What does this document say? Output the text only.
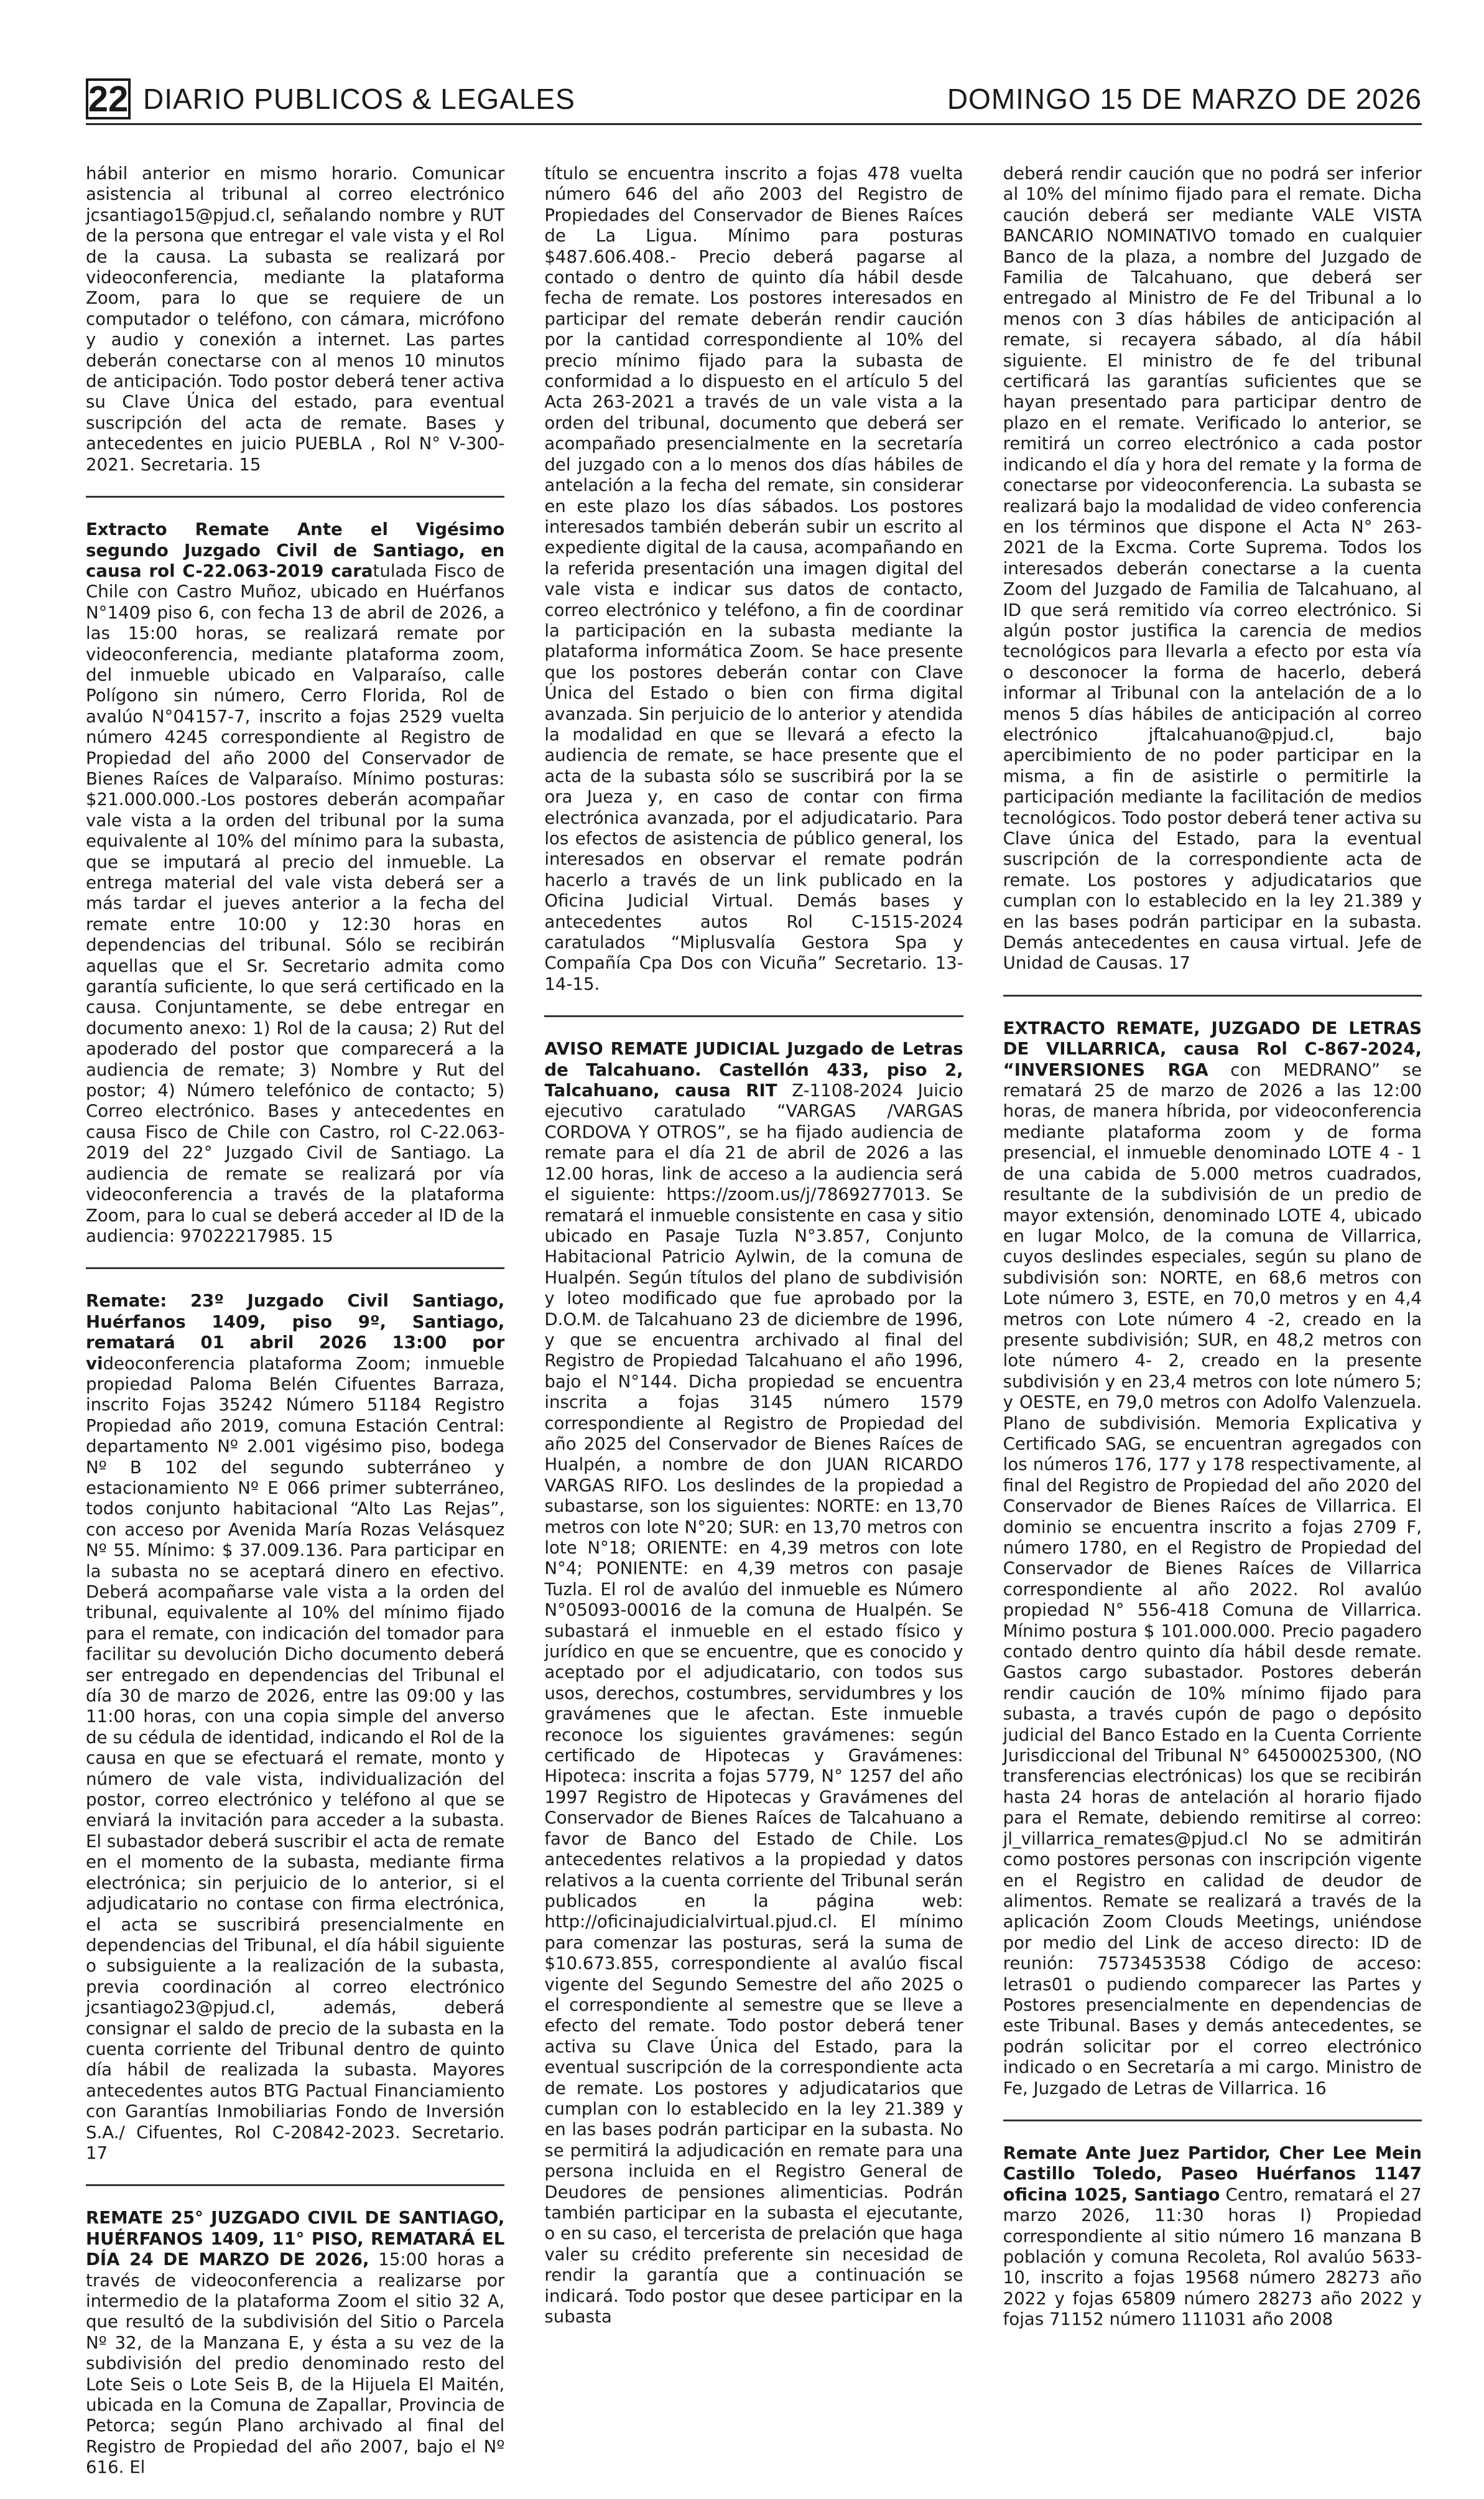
22 DIARIO PUBLICOS & LEGALES	DOMINGO 15 DE MARZO DE 2026

hábil anterior en mismo horario. Comunicar asistencia al tribunal al correo electrónico jcsantiago15@pjud.cl, señalando nombre y RUT de la persona que entregar el vale vista y el Rol de la causa. La subasta se realizará por videoconferencia, mediante la plataforma Zoom, para lo que se requiere de un computador o teléfono, con cámara, micrófono y audio y conexión a internet. Las partes deberán conectarse con al menos 10 minutos de anticipación. Todo postor deberá tener activa su Clave Única del estado, para eventual suscripción del acta de remate. Bases y antecedentes en juicio PUEBLA , Rol N° V-300-2021. Secretaria. 15

Extracto Remate Ante el Vigésimo segundo Juzgado Civil de Santiago, en causa rol C-22.063-2019 caratulada Fisco de Chile con Castro Muñoz, ubicado en Huérfanos N°1409 piso 6, con fecha 13 de abril de 2026, a las 15:00 horas, se realizará remate por videoconferencia, mediante plataforma zoom, del inmueble ubicado en Valparaíso, calle Polígono sin número, Cerro Florida, Rol de avalúo N°04157-7, inscrito a fojas 2529 vuelta número 4245 correspondiente al Registro de Propiedad del año 2000 del Conservador de Bienes Raíces de Valparaíso. Mínimo posturas: $21.000.000.-Los postores deberán acompañar vale vista a la orden del tribunal por la suma equivalente al 10% del mínimo para la subasta, que se imputará al precio del inmueble. La entrega material del vale vista deberá ser a más tardar el jueves anterior a la fecha del remate entre 10:00 y 12:30 horas en dependencias del tribunal. Sólo se recibirán aquellas que el Sr. Secretario admita como garantía suficiente, lo que será certificado en la causa. Conjuntamente, se debe entregar en documento anexo: 1) Rol de la causa; 2) Rut del apoderado del postor que comparecerá a la audiencia de remate; 3) Nombre y Rut del postor; 4) Número telefónico de contacto; 5) Correo electrónico. Bases y antecedentes en causa Fisco de Chile con Castro, rol C-22.063-2019 del 22° Juzgado Civil de Santiago. La audiencia de remate se realizará por vía videoconferencia a través de la plataforma Zoom, para lo cual se deberá acceder al ID de la audiencia: 97022217985. 15

Remate: 23º Juzgado Civil Santiago, Huérfanos 1409, piso 9º, Santiago, rematará 01 abril 2026 13:00 por videoconferencia plataforma Zoom; inmueble propiedad Paloma Belén Cifuentes Barraza, inscrito Fojas 35242 Número 51184 Registro Propiedad año 2019, comuna Estación Central: departamento Nº 2.001 vigésimo piso, bodega Nº B 102 del segundo subterráneo y estacionamiento Nº E 066 primer subterráneo, todos conjunto habitacional “Alto Las Rejas”, con acceso por Avenida María Rozas Velásquez Nº 55. Mínimo: $ 37.009.136. Para participar en la subasta no se aceptará dinero en efectivo. Deberá acompañarse vale vista a la orden del tribunal, equivalente al 10% del mínimo fijado para el remate, con indicación del tomador para facilitar su devolución Dicho documento deberá ser entregado en dependencias del Tribunal el día 30 de marzo de 2026, entre las 09:00 y las 11:00 horas, con una copia simple del anverso de su cédula de identidad, indicando el Rol de la causa en que se efectuará el remate, monto y número de vale vista, individualización del postor, correo electrónico y teléfono al que se enviará la invitación para acceder a la subasta. El subastador deberá suscribir el acta de remate en el momento de la subasta, mediante firma electrónica; sin perjuicio de lo anterior, si el adjudicatario no contase con firma electrónica, el acta se suscribirá presencialmente en dependencias del Tribunal, el día hábil siguiente o subsiguiente a la realización de la subasta, previa coordinación al correo electrónico jcsantiago23@pjud.cl, además, deberá consignar el saldo de precio de la subasta en la cuenta corriente del Tribunal dentro de quinto día hábil de realizada la subasta. Mayores antecedentes autos BTG Pactual Financiamiento con Garantías Inmobiliarias Fondo de Inversión S.A./ Cifuentes, Rol C-20842-2023. Secretario. 17

REMATE 25° JUZGADO CIVIL DE SANTIAGO, HUÉRFANOS 1409, 11° PISO, REMATARÁ EL DÍA 24 DE MARZO DE 2026, 15:00 horas a través de videoconferencia a realizarse por intermedio de la plataforma Zoom el sitio 32 A, que resultó de la subdivisión del Sitio o Parcela Nº 32, de la Manzana E, y ésta a su vez de la subdivisión del predio denominado resto del Lote Seis o Lote Seis B, de la Hijuela El Maitén, ubicada en la Comuna de Zapallar, Provincia de Petorca; según Plano archivado al final del Registro de Propiedad del año 2007, bajo el Nº 616. El

título se encuentra inscrito a fojas 478 vuelta número 646 del año 2003 del Registro de Propiedades del Conservador de Bienes Raíces de La Ligua. Mínimo para posturas $487.606.408.- Precio deberá pagarse al contado o dentro de quinto día hábil desde fecha de remate. Los postores interesados en participar del remate deberán rendir caución por la cantidad correspondiente al 10% del precio mínimo fijado para la subasta de conformidad a lo dispuesto en el artículo 5 del Acta 263-2021 a través de un vale vista a la orden del tribunal, documento que deberá ser acompañado presencialmente en la secretaría del juzgado con a lo menos dos días hábiles de antelación a la fecha del remate, sin considerar en este plazo los días sábados. Los postores interesados también deberán subir un escrito al expediente digital de la causa, acompañando en la referida presentación una imagen digital del vale vista e indicar sus datos de contacto, correo electrónico y teléfono, a fin de coordinar la participación en la subasta mediante la plataforma informática Zoom. Se hace presente que los postores deberán contar con Clave Única del Estado o bien con firma digital avanzada. Sin perjuicio de lo anterior y atendida la modalidad en que se llevará a efecto la audiencia de remate, se hace presente que el acta de la subasta sólo se suscribirá por la se ora Jueza y, en caso de contar con firma electrónica avanzada, por el adjudicatario. Para los efectos de asistencia de público general, los interesados en observar el remate podrán hacerlo a través de un link publicado en la Oficina Judicial Virtual. Demás bases y antecedentes autos Rol C-1515-2024 caratulados “Miplusvalía Gestora Spa y Compañía Cpa Dos con Vicuña” Secretario. 13-14-15.

AVISO REMATE JUDICIAL Juzgado de Letras de Talcahuano. Castellón 433, piso 2, Talcahuano, causa RIT Z-1108-2024 Juicio ejecutivo caratulado “VARGAS /VARGAS CORDOVA Y OTROS”, se ha fijado audiencia de remate para el día 21 de abril de 2026 a las 12.00 horas, link de acceso a la audiencia será el siguiente: https://zoom.us/j/7869277013. Se rematará el inmueble consistente en casa y sitio ubicado en Pasaje Tuzla N°3.857, Conjunto Habitacional Patricio Aylwin, de la comuna de Hualpén. Según títulos del plano de subdivisión y loteo modificado que fue aprobado por la D.O.M. de Talcahuano 23 de diciembre de 1996, y que se encuentra archivado al final del Registro de Propiedad Talcahuano el año 1996, bajo el N°144. Dicha propiedad se encuentra inscrita a fojas 3145 número 1579 correspondiente al Registro de Propiedad del año 2025 del Conservador de Bienes Raíces de Hualpén, a nombre de don JUAN RICARDO VARGAS RIFO. Los deslindes de la propiedad a subastarse, son los siguientes: NORTE: en 13,70 metros con lote N°20; SUR: en 13,70 metros con lote N°18; ORIENTE: en 4,39 metros con lote N°4; PONIENTE: en 4,39 metros con pasaje Tuzla. El rol de avalúo del inmueble es Número N°05093-00016 de la comuna de Hualpén. Se subastará el inmueble en el estado físico y jurídico en que se encuentre, que es conocido y aceptado por el adjudicatario, con todos sus usos, derechos, costumbres, servidumbres y los gravámenes que le afectan. Este inmueble reconoce los siguientes gravámenes: según certificado de Hipotecas y Gravámenes: Hipoteca: inscrita a fojas 5779, N° 1257 del año 1997 Registro de Hipotecas y Gravámenes del Conservador de Bienes Raíces de Talcahuano a favor de Banco del Estado de Chile. Los antecedentes relativos a la propiedad y datos relativos a la cuenta corriente del Tribunal serán publicados en la página web: http://oficinajudicialvirtual.pjud.cl. El mínimo para comenzar las posturas, será la suma de $10.673.855, correspondiente al avalúo fiscal vigente del Segundo Semestre del año 2025 o el correspondiente al semestre que se lleve a efecto del remate. Todo postor deberá tener activa su Clave Única del Estado, para la eventual suscripción de la correspondiente acta de remate. Los postores y adjudicatarios que cumplan con lo establecido en la ley 21.389 y en las bases podrán participar en la subasta. No se permitirá la adjudicación en remate para una persona incluida en el Registro General de Deudores de pensiones alimenticias. Podrán también participar en la subasta el ejecutante, o en su caso, el tercerista de prelación que haga valer su crédito preferente sin necesidad de rendir la garantía que a continuación se indicará. Todo postor que desee participar en la subasta

deberá rendir caución que no podrá ser inferior al 10% del mínimo fijado para el remate. Dicha caución deberá ser mediante VALE VISTA BANCARIO NOMINATIVO tomado en cualquier Banco de la plaza, a nombre del Juzgado de Familia de Talcahuano, que deberá ser entregado al Ministro de Fe del Tribunal a lo menos con 3 días hábiles de anticipación al remate, si recayera sábado, al día hábil siguiente. El ministro de fe del tribunal certificará las garantías suficientes que se hayan presentado para participar dentro de plazo en el remate. Verificado lo anterior, se remitirá un correo electrónico a cada postor indicando el día y hora del remate y la forma de conectarse por videoconferencia. La subasta se realizará bajo la modalidad de video conferencia en los términos que dispone el Acta N° 263-2021 de la Excma. Corte Suprema. Todos los interesados deberán conectarse a la cuenta Zoom del Juzgado de Familia de Talcahuano, al ID que será remitido vía correo electrónico. Si algún postor justifica la carencia de medios tecnológicos para llevarla a efecto por esta vía o desconocer la forma de hacerlo, deberá informar al Tribunal con la antelación de a lo menos 5 días hábiles de anticipación al correo electrónico jftalcahuano@pjud.cl, bajo apercibimiento de no poder participar en la misma, a fin de asistirle o permitirle la participación mediante la facilitación de medios tecnológicos. Todo postor deberá tener activa su Clave única del Estado, para la eventual suscripción de la correspondiente acta de remate. Los postores y adjudicatarios que cumplan con lo establecido en la ley 21.389 y en las bases podrán participar en la subasta. Demás antecedentes en causa virtual. Jefe de Unidad de Causas. 17

EXTRACTO REMATE, JUZGADO DE LETRAS DE VILLARRICA, causa Rol C-867-2024, “INVERSIONES RGA con MEDRANO” se rematará 25 de marzo de 2026 a las 12:00 horas, de manera híbrida, por videoconferencia mediante plataforma zoom y de forma presencial, el inmueble denominado LOTE 4 - 1 de una cabida de 5.000 metros cuadrados, resultante de la subdivisión de un predio de mayor extensión, denominado LOTE 4, ubicado en lugar Molco, de la comuna de Villarrica, cuyos deslindes especiales, según su plano de subdivisión son: NORTE, en 68,6 metros con Lote número 3, ESTE, en 70,0 metros y en 4,4 metros con Lote número 4 -2, creado en la presente subdivisión; SUR, en 48,2 metros con lote número 4- 2, creado en la presente subdivisión y en 23,4 metros con lote número 5; y OESTE, en 79,0 metros con Adolfo Valenzuela. Plano de subdivisión. Memoria Explicativa y Certificado SAG, se encuentran agregados con los números 176, 177 y 178 respectivamente, al final del Registro de Propiedad del año 2020 del Conservador de Bienes Raíces de Villarrica. El dominio se encuentra inscrito a fojas 2709 F, número 1780, en el Registro de Propiedad del Conservador de Bienes Raíces de Villarrica correspondiente al año 2022. Rol avalúo propiedad N° 556-418 Comuna de Villarrica. Mínimo postura $ 101.000.000. Precio pagadero contado dentro quinto día hábil desde remate. Gastos cargo subastador. Postores deberán rendir caución de 10% mínimo fijado para subasta, a través cupón de pago o depósito judicial del Banco Estado en la Cuenta Corriente Jurisdiccional del Tribunal N° 64500025300, (NO transferencias electrónicas) los que se recibirán hasta 24 horas de antelación al horario fijado para el Remate, debiendo remitirse al correo: jl_villarrica_remates@pjud.cl No se admitirán como postores personas con inscripción vigente en el Registro en calidad de deudor de alimentos. Remate se realizará a través de la aplicación Zoom Clouds Meetings, uniéndose por medio del Link de acceso directo: ID de reunión: 7573453538 Código de acceso: letras01 o pudiendo comparecer las Partes y Postores presencialmente en dependencias de este Tribunal. Bases y demás antecedentes, se podrán solicitar por el correo electrónico indicado o en Secretaría a mi cargo. Ministro de Fe, Juzgado de Letras de Villarrica. 16

Remate Ante Juez Partidor, Cher Lee Mein Castillo Toledo, Paseo Huérfanos 1147 oficina 1025, Santiago Centro, rematará el 27 marzo 2026, 11:30 horas I) Propiedad correspondiente al sitio número 16 manzana B población y comuna Recoleta, Rol avalúo 5633-10, inscrito a fojas 19568 número 28273 año 2022 y fojas 65809 número 28273 año 2022 y fojas 71152 número 111031 año 2008
